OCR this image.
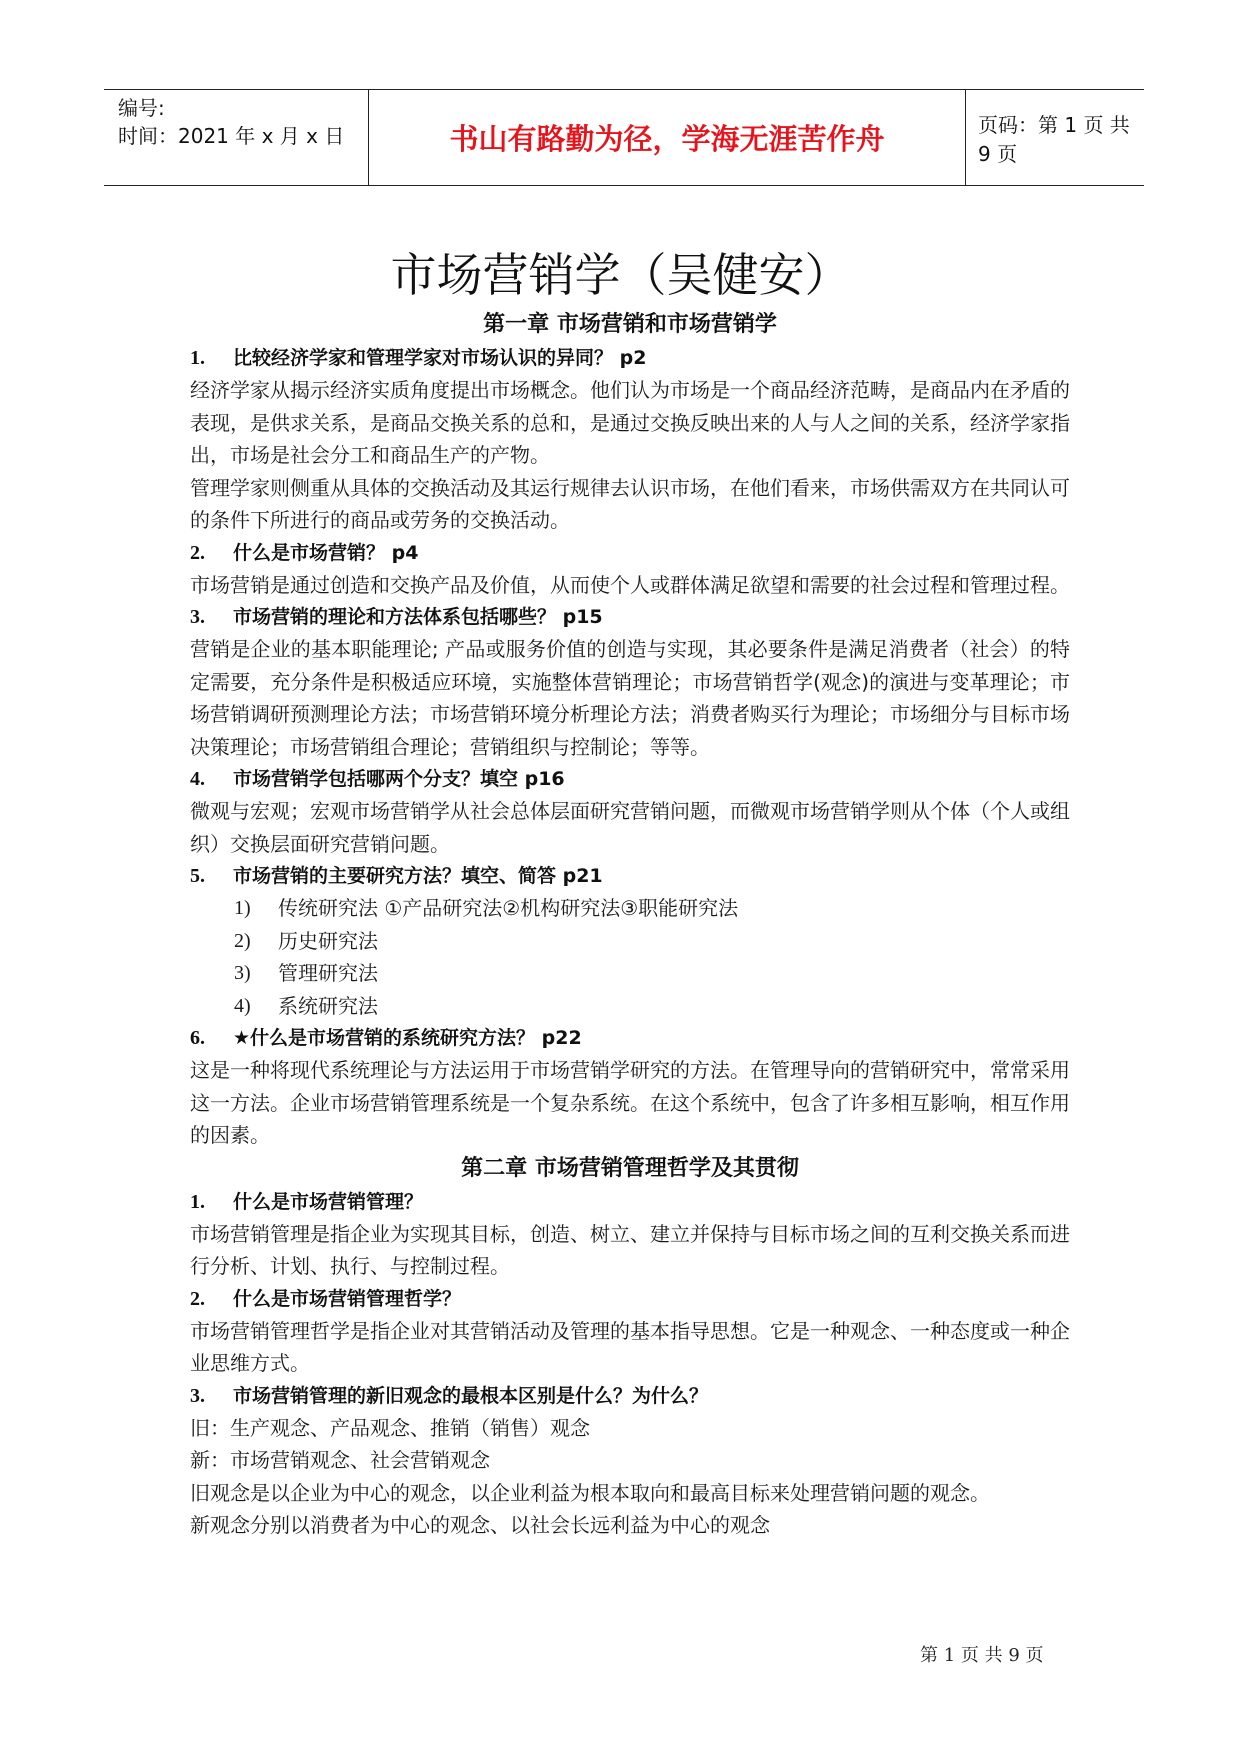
编号:
时间：2021 年 x 月 x 日	书山有路勤为径，学海无涯苦作舟	页码：第 1 页 共 9 页
市场营销学（吴健安）

第一章 市场营销和市场营销学

1.	比较经济学家和管理学家对市场认识的异同？ p2

经济学家从揭示经济实质角度提出市场概念。他们认为市场是一个商品经济范畴，是商品内在矛盾的表现，是供求关系，是商品交换关系的总和，是通过交换反映出来的人与人之间的关系，经济学家指出，市场是社会分工和商品生产的产物。

管理学家则侧重从具体的交换活动及其运行规律去认识市场，在他们看来，市场供需双方在共同认可的条件下所进行的商品或劳务的交换活动。

2.	什么是市场营销？ p4

市场营销是通过创造和交换产品及价值，从而使个人或群体满足欲望和需要的社会过程和管理过程。

3.	市场营销的理论和方法体系包括哪些？ p15

营销是企业的基本职能理论; 产品或服务价值的创造与实现，其必要条件是满足消费者（社会）的特定需要，充分条件是积极适应环境，实施整体营销理论；市场营销哲学(观念)的演进与变革理论；市场营销调研预测理论方法；市场营销环境分析理论方法；消费者购买行为理论；市场细分与目标市场决策理论；市场营销组合理论；营销组织与控制论；等等。

4.	市场营销学包括哪两个分支？填空 p16

微观与宏观；宏观市场营销学从社会总体层面研究营销问题，而微观市场营销学则从个体（个人或组织）交换层面研究营销问题。

5.	市场营销的主要研究方法？填空、简答 p21

1)	传统研究法 ①产品研究法②机构研究法③职能研究法

2)	历史研究法

3)	管理研究法

4)	系统研究法

6.	★什么是市场营销的系统研究方法？ p22

这是一种将现代系统理论与方法运用于市场营销学研究的方法。在管理导向的营销研究中，常常采用这一方法。企业市场营销管理系统是一个复杂系统。在这个系统中，包含了许多相互影响，相互作用的因素。

第二章 市场营销管理哲学及其贯彻

1.	什么是市场营销管理？

市场营销管理是指企业为实现其目标，创造、树立、建立并保持与目标市场之间的互利交换关系而进行分析、计划、执行、与控制过程。

2.	什么是市场营销管理哲学？

市场营销管理哲学是指企业对其营销活动及管理的基本指导思想。它是一种观念、一种态度或一种企业思维方式。

3.	市场营销管理的新旧观念的最根本区别是什么？为什么？

旧：生产观念、产品观念、推销（销售）观念

新：市场营销观念、社会营销观念

旧观念是以企业为中心的观念，以企业利益为根本取向和最高目标来处理营销问题的观念。

新观念分别以消费者为中心的观念、以社会长远利益为中心的观念

第 1 页 共 9 页
